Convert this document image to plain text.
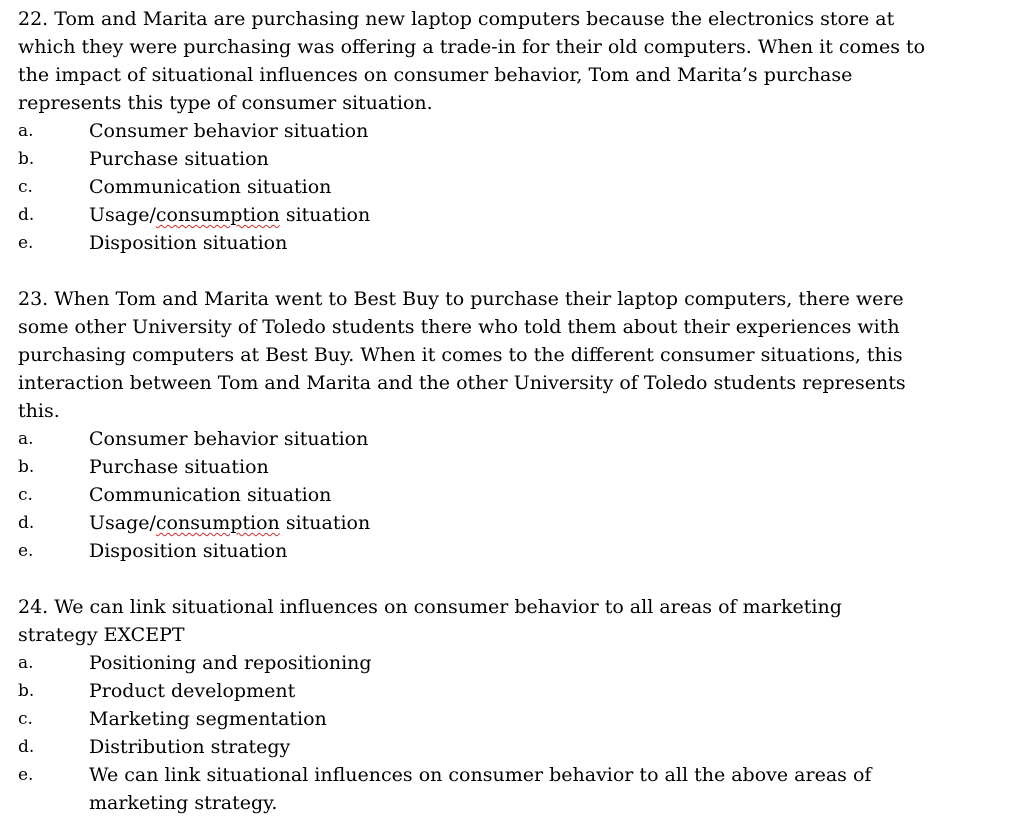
22. Tom and Marita are purchasing new laptop computers because the electronics store at which they were purchasing was offering a trade-in for their old computers. When it comes to the impact of situational influences on consumer behavior, Tom and Marita’s purchase represents this type of consumer situation.

a.	Consumer behavior situation
b.	Purchase situation
c.	Communication situation
d.	Usage/consumption situation
e.	Disposition situation

23. When Tom and Marita went to Best Buy to purchase their laptop computers, there were some other University of Toledo students there who told them about their experiences with purchasing computers at Best Buy. When it comes to the different consumer situations, this interaction between Tom and Marita and the other University of Toledo students represents this.

a.	Consumer behavior situation
b.	Purchase situation
c.	Communication situation
d.	Usage/consumption situation
e.	Disposition situation

24. We can link situational influences on consumer behavior to all areas of marketing strategy EXCEPT

a.	Positioning and repositioning
b.	Product development
c.	Marketing segmentation
d.	Distribution strategy
e.	We can link situational influences on consumer behavior to all the above areas of marketing strategy.
